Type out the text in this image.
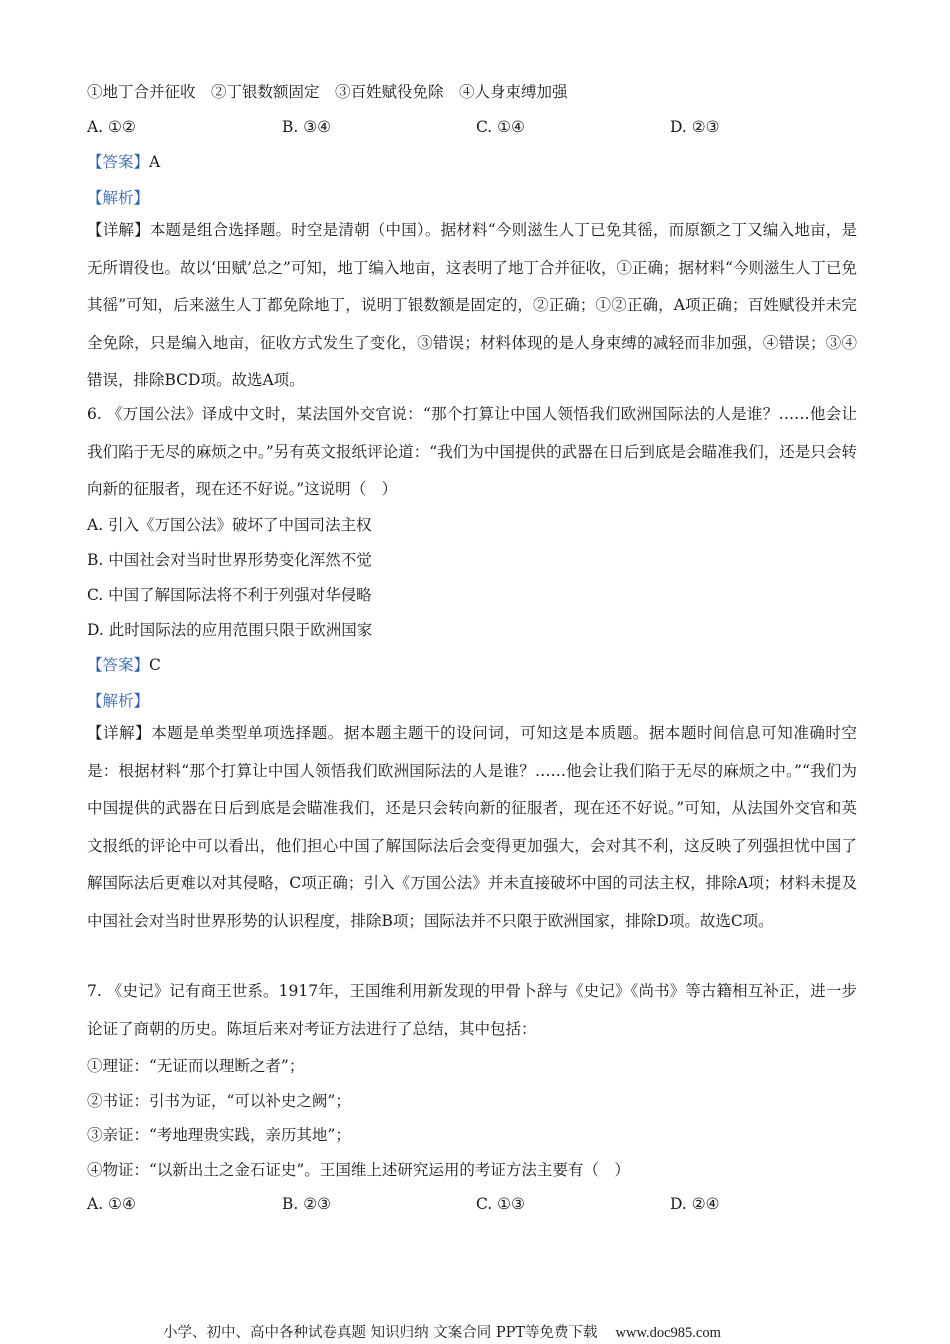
①地丁合并征收　②丁银数额固定　③百姓赋役免除　④人身束缚加强
A. ①②	B. ③④	C. ①④	D. ②③
【答案】A
【解析】
【详解】本题是组合选择题。时空是清朝（中国）。据材料“今则滋生人丁已免其徭，而原额之丁又编入地亩，是无所谓役也。故以‘田赋’总之”可知，地丁编入地亩，这表明了地丁合并征收，①正确；据材料“今则滋生人丁已免其徭”可知，后来滋生人丁都免除地丁，说明丁银数额是固定的，②正确；①②正确，A项正确；百姓赋役并未完全免除，只是编入地亩，征收方式发生了变化，③错误；材料体现的是人身束缚的减轻而非加强，④错误；③④错误，排除BCD项。故选A项。
6. 《万国公法》译成中文时，某法国外交官说：“那个打算让中国人领悟我们欧洲国际法的人是谁？……他会让我们陷于无尽的麻烦之中。”另有英文报纸评论道：“我们为中国提供的武器在日后到底是会瞄准我们，还是只会转向新的征服者，现在还不好说。”这说明（　）
A. 引入《万国公法》破坏了中国司法主权
B. 中国社会对当时世界形势变化浑然不觉
C. 中国了解国际法将不利于列强对华侵略
D. 此时国际法的应用范围只限于欧洲国家
【答案】C
【解析】
【详解】本题是单类型单项选择题。据本题主题干的设问词，可知这是本质题。据本题时间信息可知准确时空是：根据材料“那个打算让中国人领悟我们欧洲国际法的人是谁？……他会让我们陷于无尽的麻烦之中。”“我们为中国提供的武器在日后到底是会瞄准我们，还是只会转向新的征服者，现在还不好说。”可知，从法国外交官和英文报纸的评论中可以看出，他们担心中国了解国际法后会变得更加强大，会对其不利，这反映了列强担忧中国了解国际法后更难以对其侵略，C项正确；引入《万国公法》并未直接破坏中国的司法主权，排除A项；材料未提及中国社会对当时世界形势的认识程度，排除B项；国际法并不只限于欧洲国家，排除D项。故选C项。
7. 《史记》记有商王世系。1917年，王国维利用新发现的甲骨卜辞与《史记》《尚书》等古籍相互补正，进一步论证了商朝的历史。陈垣后来对考证方法进行了总结，其中包括：
①理证：“无证而以理断之者”；
②书证：引书为证，“可以补史之阙”；
③亲证：“考地理贵实践，亲历其地”；
④物证：“以新出土之金石证史”。王国维上述研究运用的考证方法主要有（　）
A. ①④	B. ②③	C. ①③	D. ②④
小学、初中、高中各种试卷真题 知识归纳 文案合同 PPT等免费下载 www.doc985.com
